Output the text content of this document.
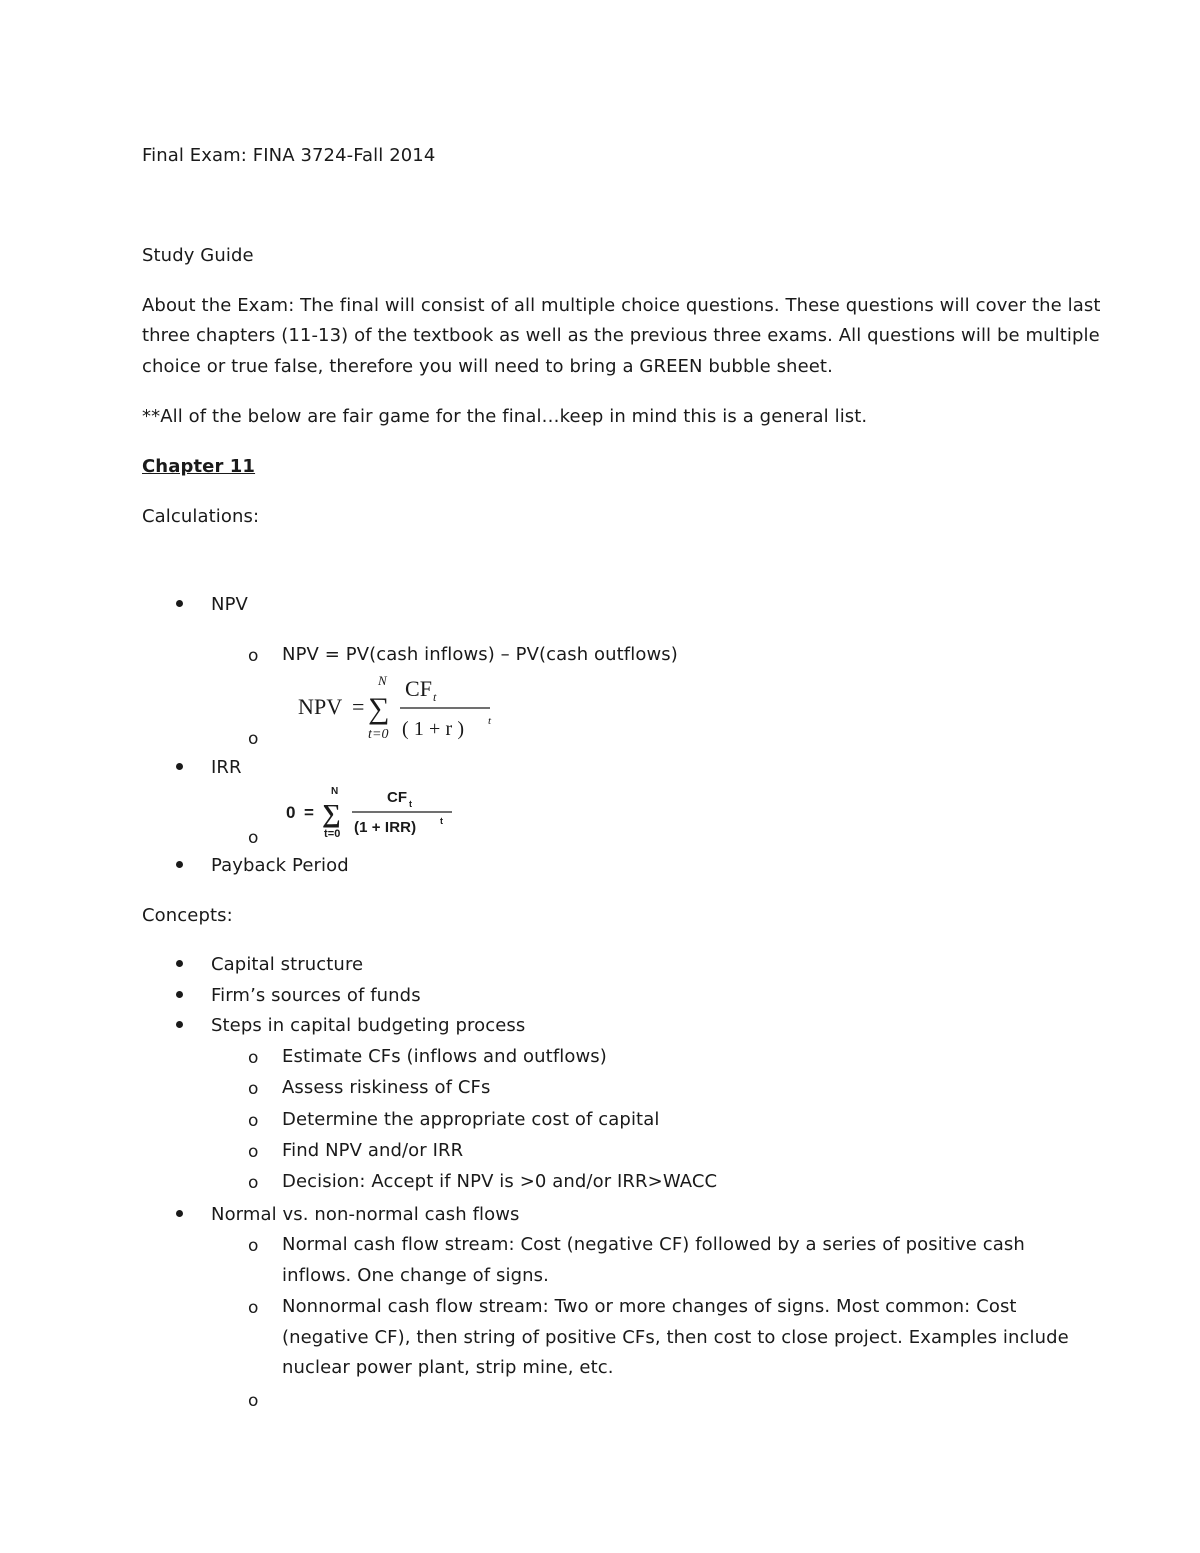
Final Exam: FINA 3724-Fall 2014
Study Guide
About the Exam: The final will consist of all multiple choice questions. These questions will cover the last
three chapters (11-13) of the textbook as well as the previous three exams. All questions will be multiple
choice or true false, therefore you will need to bring a GREEN bubble sheet.
**All of the below are fair game for the final…keep in mind this is a general list.
Chapter 11
Calculations:
NPV
o NPV = PV(cash inflows) – PV(cash outflows)
o
NPV = ∑
N
t=0
CF t
( 1 + r ) t
IRR
o
0 = ∑
N
t=0
CF t
(1 + IRR)	t
Payback Period
Concepts:
Capital structure
Firm’s sources of funds
Steps in capital budgeting process
o Estimate CFs (inflows and outflows)
o Assess riskiness of CFs
o Determine the appropriate cost of capital
o Find NPV and/or IRR
o Decision: Accept if NPV is >0 and/or IRR>WACC
Normal vs. non-normal cash flows
o Normal cash flow stream: Cost (negative CF) followed by a series of positive cash
inflows. One change of signs.
o Nonnormal cash flow stream: Two or more changes of signs. Most common: Cost
(negative CF), then string of positive CFs, then cost to close project. Examples include
nuclear power plant, strip mine, etc.
o
